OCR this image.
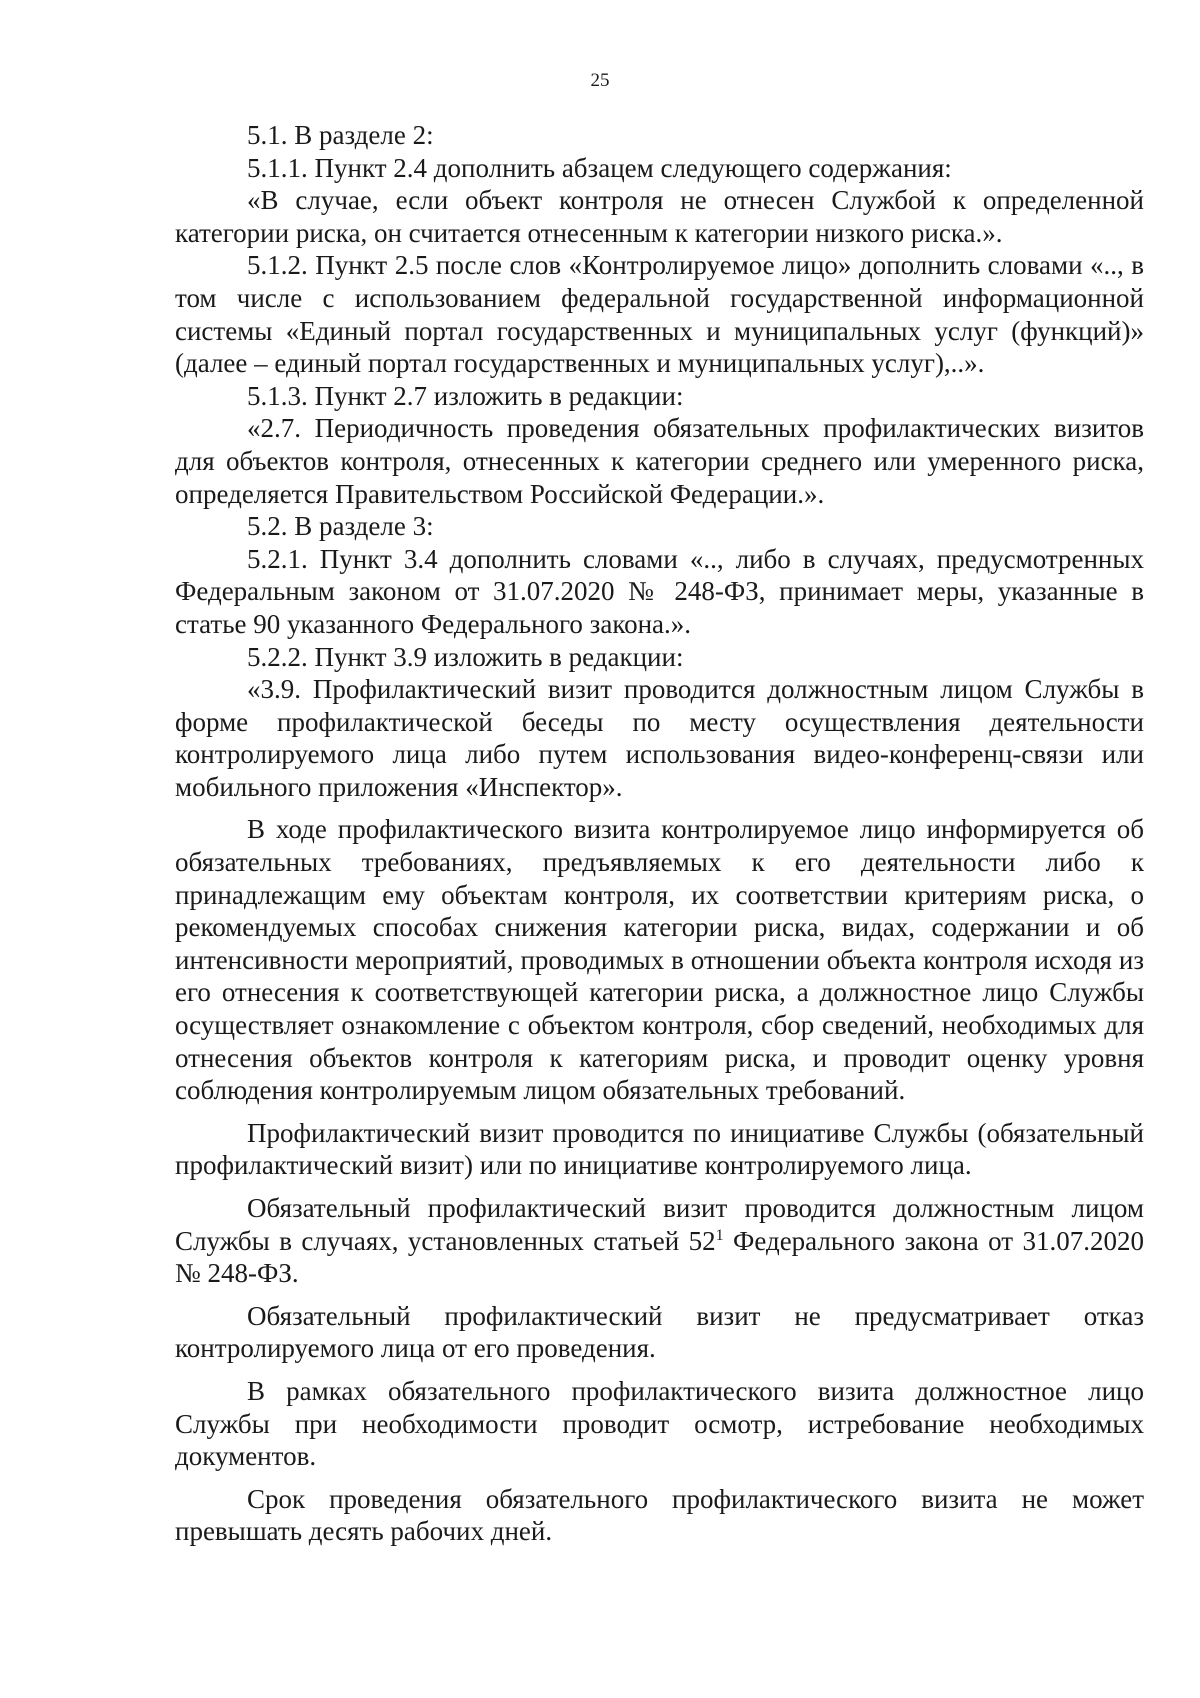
25

5.1. В разделе 2:

5.1.1. Пункт 2.4 дополнить абзацем следующего содержания:

«В случае, если объект контроля не отнесен Службой к определенной категории риска, он считается отнесенным к категории низкого риска.».

5.1.2. Пункт 2.5 после слов «Контролируемое лицо» дополнить словами «.., в том числе с использованием федеральной государственной информационной системы «Единый портал государственных и муниципальных услуг (функций)» (далее – единый портал государственных и муниципальных услуг),..».

5.1.3. Пункт 2.7 изложить в редакции:

«2.7. Периодичность проведения обязательных профилактических визитов для объектов контроля, отнесенных к категории среднего или умеренного риска, определяется Правительством Российской Федерации.».

5.2. В разделе 3:

5.2.1. Пункт 3.4 дополнить словами «.., либо в случаях, предусмотренных Федеральным законом от 31.07.2020 № 248-ФЗ, принимает меры, указанные в статье 90 указанного Федерального закона.».

5.2.2. Пункт 3.9 изложить в редакции:

«3.9. Профилактический визит проводится должностным лицом Службы в форме профилактической беседы по месту осуществления деятельности контролируемого лица либо путем использования видео-конференц-связи или мобильного приложения «Инспектор».

В ходе профилактического визита контролируемое лицо информируется об обязательных требованиях, предъявляемых к его деятельности либо к принадлежащим ему объектам контроля, их соответствии критериям риска, о рекомендуемых способах снижения категории риска, видах, содержании и об интенсивности мероприятий, проводимых в отношении объекта контроля исходя из его отнесения к соответствующей категории риска, а должностное лицо Службы осуществляет ознакомление с объектом контроля, сбор сведений, необходимых для отнесения объектов контроля к категориям риска, и проводит оценку уровня соблюдения контролируемым лицом обязательных требований.

Профилактический визит проводится по инициативе Службы (обязательный профилактический визит) или по инициативе контролируемого лица.

Обязательный профилактический визит проводится должностным лицом Службы в случаях, установленных статьей $52^1$ Федерального закона от 31.07.2020 № 248-ФЗ.

Обязательный профилактический визит не предусматривает отказ контролируемого лица от его проведения.

В рамках обязательного профилактического визита должностное лицо Службы при необходимости проводит осмотр, истребование необходимых документов.

Срок проведения обязательного профилактического визита не может превышать десять рабочих дней.
